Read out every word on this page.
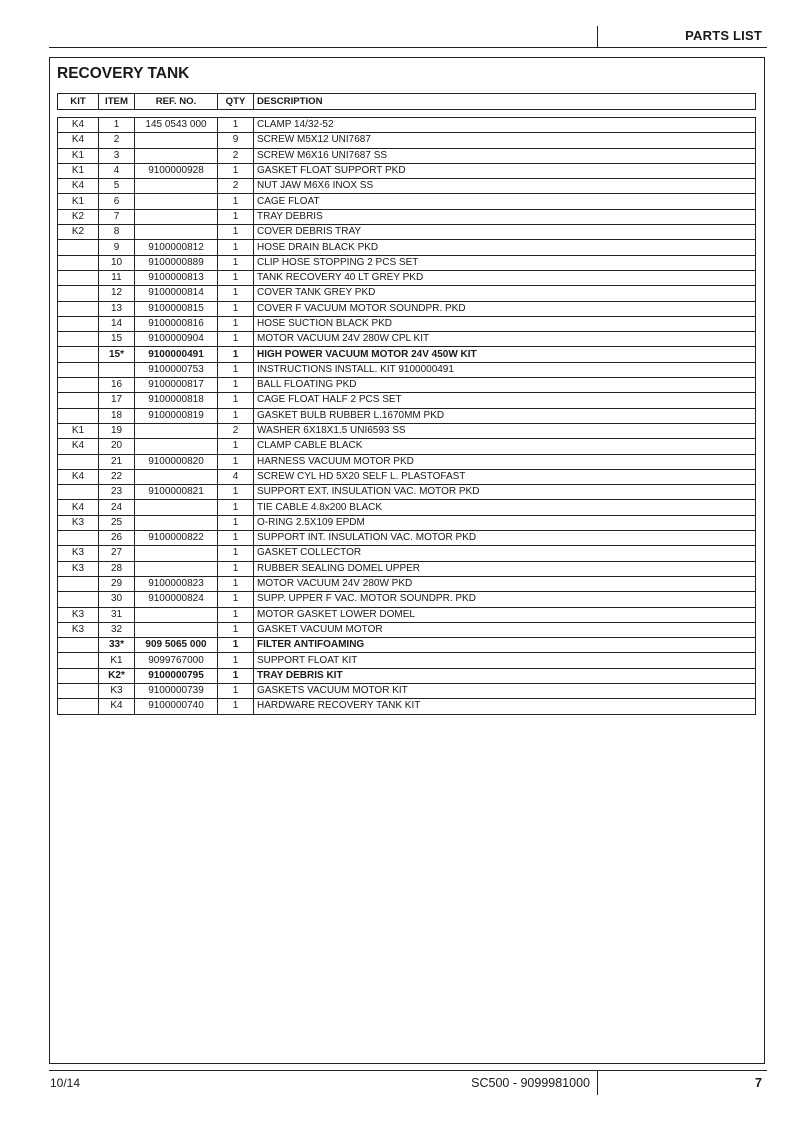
PARTS LIST
RECOVERY TANK
KIT	ITEM	REF. NO.	QTY	DESCRIPTION
K4	1	145 0543 000	1	CLAMP 14/32-52
K4	2		9	SCREW M5X12 UNI7687
K1	3		2	SCREW M6X16 UNI7687 SS
K1	4	9100000928	1	GASKET FLOAT SUPPORT PKD
K4	5		2	NUT JAW M6X6 INOX SS
K1	6		1	CAGE FLOAT
K2	7		1	TRAY DEBRIS
K2	8		1	COVER DEBRIS TRAY
	9	9100000812	1	HOSE DRAIN BLACK PKD
	10	9100000889	1	CLIP HOSE STOPPING 2 PCS SET
	11	9100000813	1	TANK RECOVERY 40 LT GREY PKD
	12	9100000814	1	COVER TANK GREY PKD
	13	9100000815	1	COVER F VACUUM MOTOR SOUNDPR. PKD
	14	9100000816	1	HOSE SUCTION BLACK PKD
	15	9100000904	1	MOTOR VACUUM 24V 280W CPL KIT
	15*	9100000491	1	HIGH POWER VACUUM MOTOR 24V 450W KIT
		9100000753	1	INSTRUCTIONS INSTALL. KIT 9100000491
	16	9100000817	1	BALL FLOATING PKD
	17	9100000818	1	CAGE FLOAT HALF 2 PCS SET
	18	9100000819	1	GASKET BULB RUBBER L.1670MM PKD
K1	19		2	WASHER 6X18X1.5 UNI6593 SS
K4	20		1	CLAMP CABLE BLACK
	21	9100000820	1	HARNESS VACUUM MOTOR PKD
K4	22		4	SCREW CYL HD 5X20 SELF L. PLASTOFAST
	23	9100000821	1	SUPPORT EXT. INSULATION VAC. MOTOR PKD
K4	24		1	TIE CABLE 4.8x200 BLACK
K3	25		1	O-RING 2.5X109 EPDM
	26	9100000822	1	SUPPORT INT. INSULATION VAC. MOTOR PKD
K3	27		1	GASKET COLLECTOR
K3	28		1	RUBBER SEALING DOMEL UPPER
	29	9100000823	1	MOTOR VACUUM 24V 280W PKD
	30	9100000824	1	SUPP. UPPER F VAC. MOTOR SOUNDPR. PKD
K3	31		1	MOTOR GASKET LOWER DOMEL
K3	32		1	GASKET VACUUM MOTOR
	33*	909 5065 000	1	FILTER ANTIFOAMING
	K1	9099767000	1	SUPPORT FLOAT KIT
	K2*	9100000795	1	TRAY DEBRIS KIT
	K3	9100000739	1	GASKETS VACUUM MOTOR KIT
	K4	9100000740	1	HARDWARE RECOVERY TANK KIT
10/14	SC500 - 9099981000	7
